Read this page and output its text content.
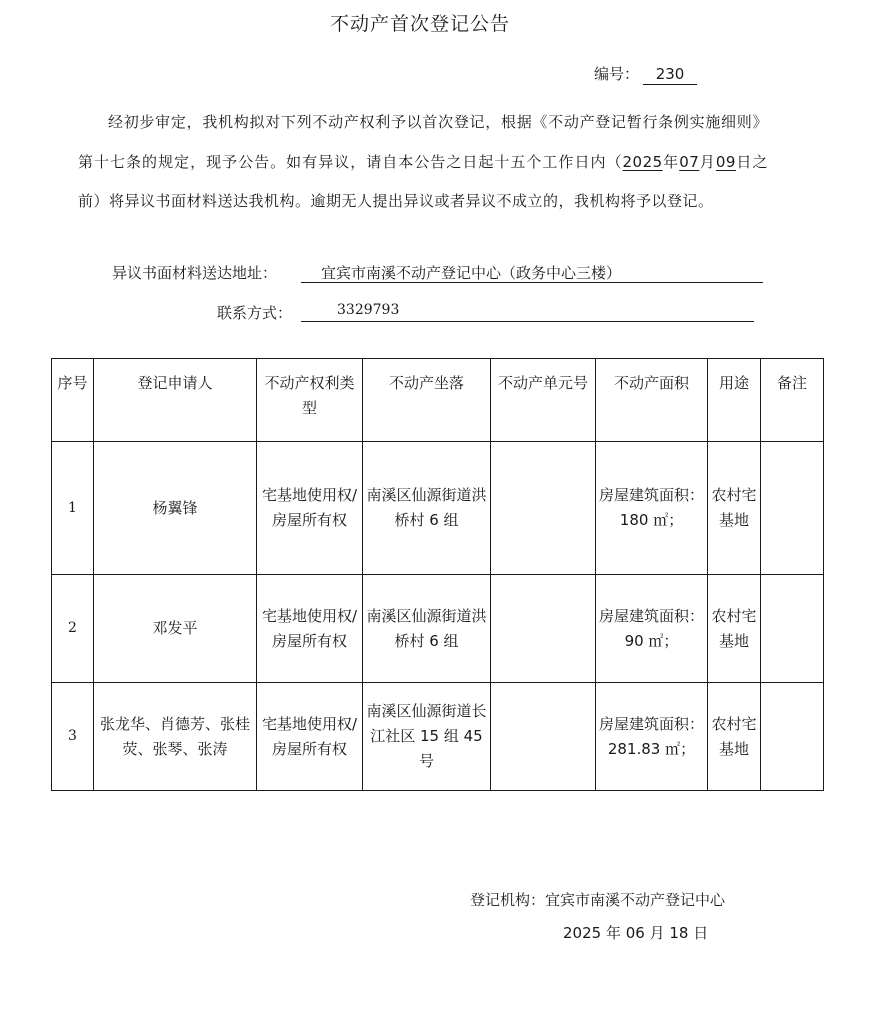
不动产首次登记公告
编号： 230
经初步审定，我机构拟对下列不动产权利予以首次登记，根据《不动产登记暂行条例实施细则》第十七条的规定，现予公告。如有异议，请自本公告之日起十五个工作日内（2025年07月09日之前）将异议书面材料送达我机构。逾期无人提出异议或者异议不成立的，我机构将予以登记。
异议书面材料送达地址：	宜宾市南溪不动产登记中心（政务中心三楼）
联系方式：	3329793
序号	登记申请人	不动产权利类型	不动产坐落	不动产单元号	不动产面积	用途	备注
1	杨翼锋	宅基地使用权/房屋所有权	南溪区仙源街道洪桥村 6 组		房屋建筑面积：180 ㎡；	农村宅基地	
2	邓发平	宅基地使用权/房屋所有权	南溪区仙源街道洪桥村 6 组		房屋建筑面积：90 ㎡；	农村宅基地	
3	张龙华、肖德芳、张桂荧、张琴、张涛	宅基地使用权/房屋所有权	南溪区仙源街道长江社区 15 组 45 号		房屋建筑面积：281.83 ㎡；	农村宅基地	
登记机构：宜宾市南溪不动产登记中心
2025 年 06 月 18 日
